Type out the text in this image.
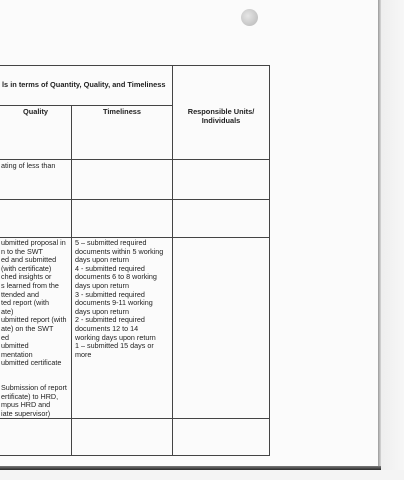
ls in terms of Quantity, Quality, and Timeliness
Quality	Timeliness	Responsible Units/
Individuals
ating of less than
ubmitted proposal in
n to the SWT
ed and submitted
(with certificate)
ched insights or
s learned from the
ttended and
ted report (with
ate)
ubmitted report (with
ate) on the SWT
ed
ubmitted
mentation
ubmitted certificate
Submission of report
ertificate) to HRD,
mpus HRD and
iate supervisor)
5 – submitted required
documents within 5 working
days upon return
4 - submitted required
documents 6 to 8 working
days upon return
3 - submitted required
documents 9-11 working
days upon return
2 - submitted required
documents 12 to 14
working days upon return
1 – submitted 15 days or
more
